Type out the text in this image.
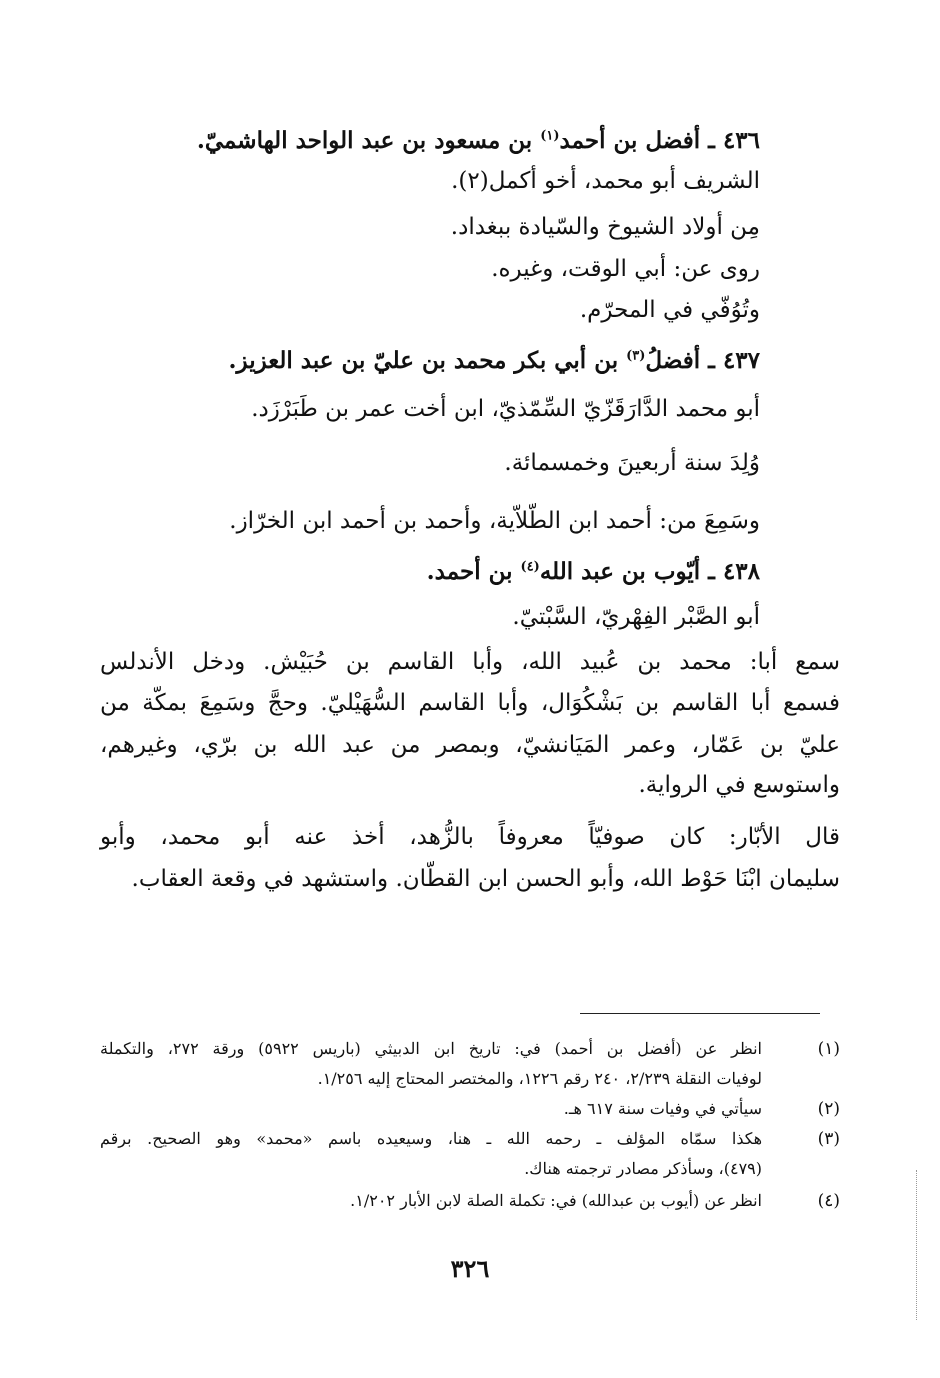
٤٣٦ ـ أفضل بن أحمد$^{(١)}$ بن مسعود بن عبد الواحد الهاشميّ.
الشريف أبو محمد، أخو أكمل(٢).
مِن أولاد الشيوخ والسّيادة ببغداد.
روى عن: أبي الوقت، وغيره.
وتُوُفّي في المحرّم.
٤٣٧ ـ أفضلُ$^{(٣)}$ بن أبي بكر محمد بن عليّ بن عبد العزيز.
أبو محمد الدَّارَقَزّيّ السِّمّذيّ، ابن أخت عمر بن طَبَرْزَد.
وُلِدَ سنة أربعينَ وخمسمائة.
وسَمِعَ من: أحمد ابن الطّلاّية، وأحمد بن أحمد ابن الخرّاز.
٤٣٨ ـ أيّوب بن عبد الله$^{(٤)}$ بن أحمد.
أبو الصَّبْر الفِهْريّ، السَّبْتيّ.
سمع أبا: محمد بن عُبيد الله، وأبا القاسم بن حُبَيْش. ودخل الأندلس
فسمع أبا القاسم بن بَشْكُوَال، وأبا القاسم السُّهَيْليّ. وحجَّ وسَمِعَ بمكّة من
عليّ بن عَمّار، وعمر المَيَانشيّ، وبمصر من عبد الله بن برّي، وغيرهم،
واستوسع في الرواية.
قال الأبّار: كان صوفيّاً معروفاً بالزُّهد، أخذ عنه أبو محمد، وأبو
سليمان ابْنَا حَوْط الله، وأبو الحسن ابن القطّان. واستشهد في وقعة العقاب.
(١)
انظر عن (أفضل بن أحمد) في: تاريخ ابن الدبيثي (باريس ٥٩٢٢) ورقة ٢٧٢، والتكملة
لوفيات النقلة ٢/٢٣٩، ٢٤٠ رقم ١٢٢٦، والمختصر المحتاج إليه ١/٢٥٦.
(٢)
سيأتي في وفيات سنة ٦١٧ هـ.
(٣)
هكذا سمّاه المؤلف ـ رحمه الله ـ هنا، وسيعيده باسم «محمد» وهو الصحيح. برقم
(٤٧٩)، وسأذكر مصادر ترجمته هناك.
(٤)
انظر عن (أيوب بن عبدالله) في: تكملة الصلة لابن الأبار ١/٢٠٢.
٣٢٦
